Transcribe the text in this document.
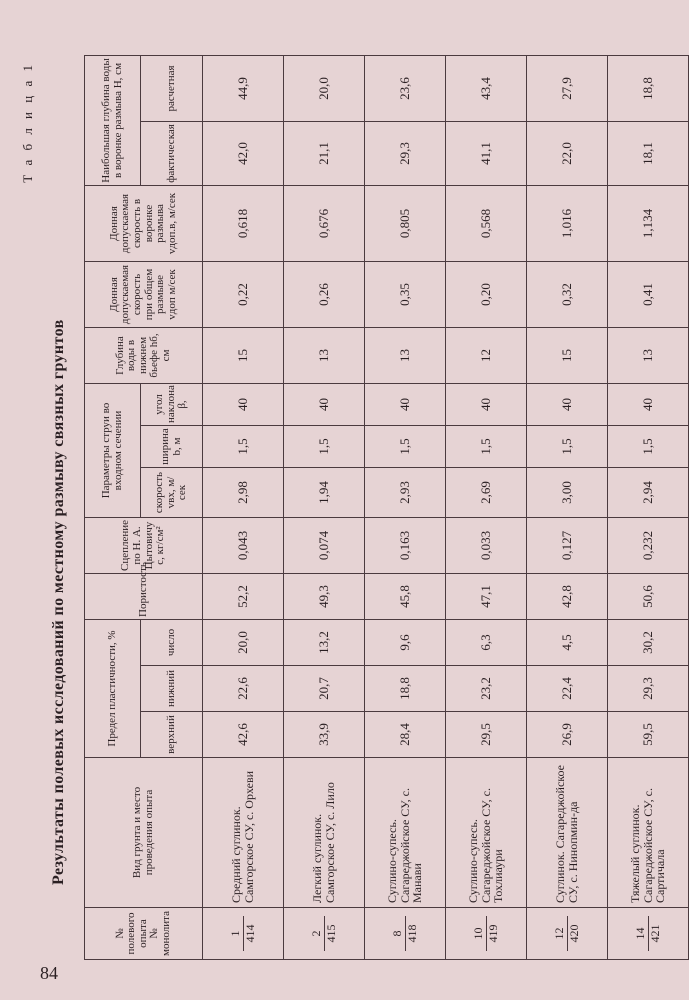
84
Т а б л и ц а 1
Результаты полевых исследований по местному размыву связных грунтов
№ полевого опыта
№ монолита	Вид грунта и место проведения опыта	Предел пластичности, %			Пористость	Сцепление по Н. А. Цытовичу с, кг/см²	Параметры струи во входном сечении			Глубина воды в нижнем бьефе hб, см	Донная допускаемая скорость при общем размыве vдоп м/сек	Донная допускаемая скорость в воронке размыва vдоп.в, м/сек	Наибольшая глубина воды в воронке размыва H, см	
		верхний	нижний	число			скорость vвх, м/сек	ширина b, м	угол наклона β,				фактическая	расчетная

1 414	Средний суглинок. Самгорское СУ, с. Орхеви	42,6	22,6	20,0	52,2	0,043	2,98	1,5	40	15	0,22	0,618	42,0	44,9

2 415	Легкий суглинок. Самгорское СУ, с. Лило	33,9	20,7	13,2	49,3	0,074	1,94	1,5	40	13	0,26	0,676	21,1	20,0

8 418	Суглино-супесь. Сагареджойское СУ, с. Манави	28,4	18,8	9,6	45,8	0,163	2,93	1,5	40	13	0,35	0,805	29,3	23,6

10 419	Суглино-супесь. Сагареджойское СУ, с. Тохлиаури	29,5	23,2	6,3	47,1	0,033	2,69	1,5	40	12	0,20	0,568	41,1	43,4

12 420	Суглинок. Сагареджойское СУ, с. Нинопмин-да	26,9	22,4	4,5	42,8	0,127	3,00	1,5	40	15	0,32	1,016	22,0	27,9

14 421	Тяжелый суглинок. Сагареджойское СУ, с. Сартичала	59,5	29,3	30,2	50,6	0,232	2,94	1,5	40	13	0,41	1,134	18,1	18,8
